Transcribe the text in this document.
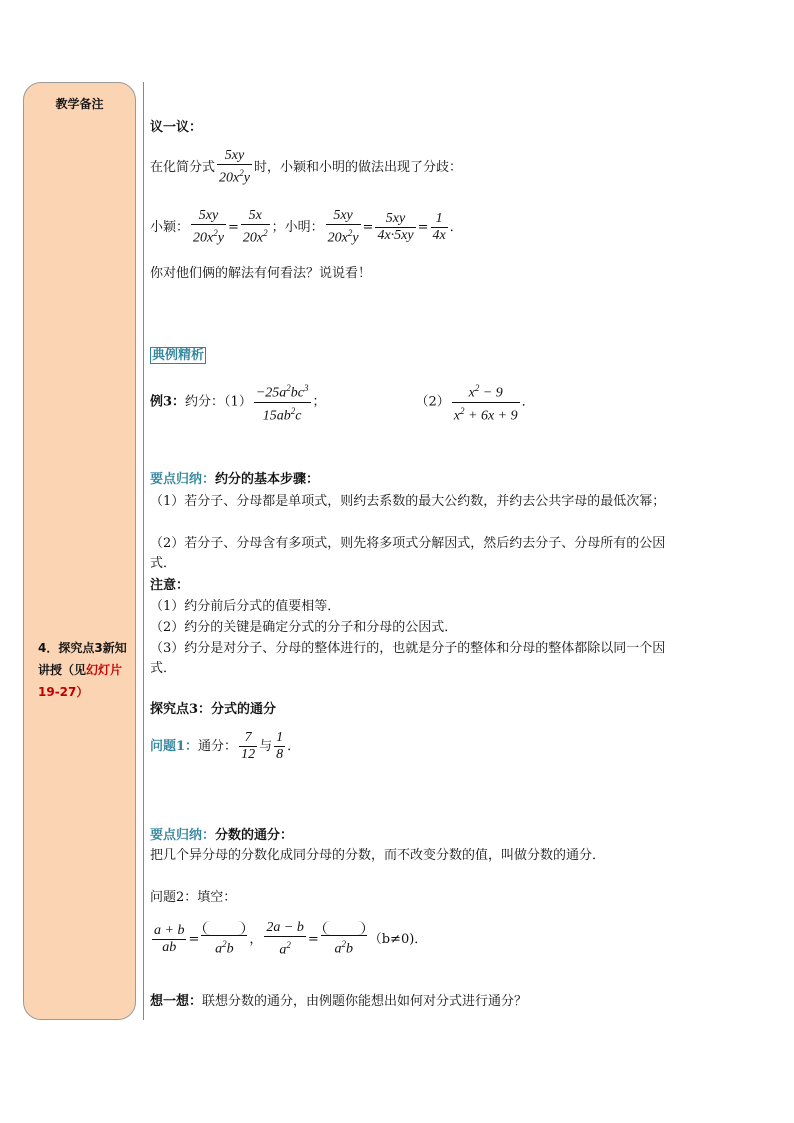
教学备注
4．探究点3新知讲授（见幻灯片19-27）
议一议：
在化简分式 $\frac{5xy}{20x^2y}$ 时，小颖和小明的做法出现了分歧：
小颖： $\frac{5xy}{20x^2y} = \frac{5x}{20x^2}$ ；小明： $\frac{5xy}{20x^2y} = \frac{5xy}{4x\cdot 5xy} = \frac{1}{4x}$ ．
你对他们俩的解法有何看法？说说看！
典例精析
例3：约分：$(1) \frac{-25a^2bc^3}{15ab^2c}$ ；	$(2) \frac{x^2 - 9}{x^2 + 6x + 9}$ ．
要点归纳：约分的基本步骤：
（1）若分子、分母都是单项式，则约去系数的最大公约数，并约去公共字母的最低次幂；
（2）若分子、分母含有多项式，则先将多项式分解因式，然后约去分子、分母所有的公因式．
注意：
（1）约分前后分式的值要相等．
（2）约分的关键是确定分式的分子和分母的公因式．
（3）约分是对分子、分母的整体进行的，也就是分子的整体和分母的整体都除以同一个因式．
探究点3：分式的通分
问题1：通分： $\frac{7}{12}$ 与 $\frac{1}{8}$ ．
要点归纳：分数的通分：
把几个异分母的分数化成同分母的分数，而不改变分数的值，叫做分数的通分．
问题2：填空：
$\frac{a + b}{ab}$ =
$a^2b$
， $\frac{2a - b}{a^2}$ =
$a^2b$
（b≠0)．
想一想：联想分数的通分，由例题你能想出如何对分式进行通分？
